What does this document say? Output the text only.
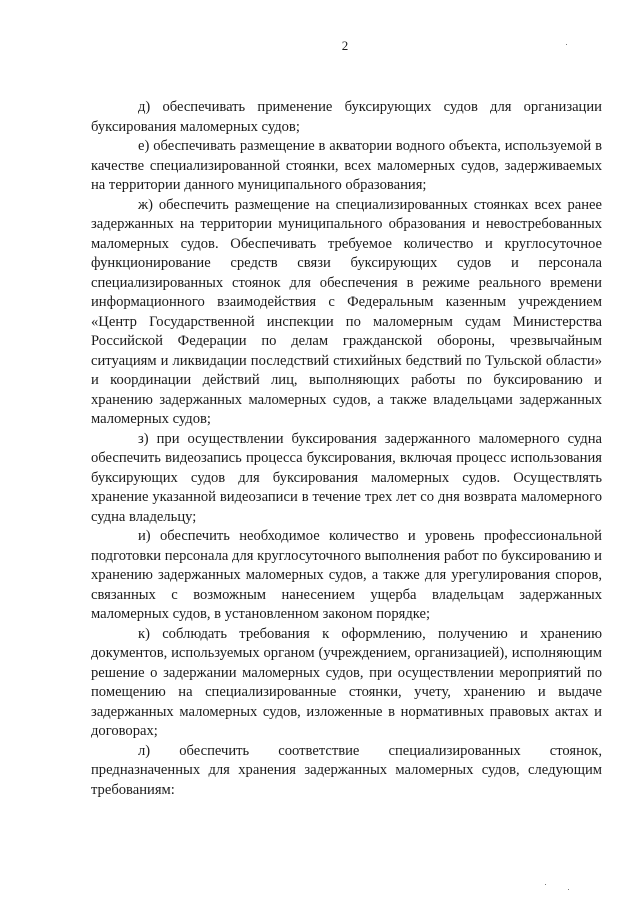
2

д) обеспечивать применение буксирующих судов для организации буксирования маломерных судов;

е) обеспечивать размещение в акватории водного объекта, используемой в качестве специализированной стоянки, всех маломерных судов, задерживаемых на территории данного муниципального образования;

ж) обеспечить размещение на специализированных стоянках всех ранее задержанных на территории муниципального образования и невостребованных маломерных судов. Обеспечивать требуемое количество и круглосуточное функционирование средств связи буксирующих судов и персонала специализированных стоянок для обеспечения в режиме реального времени информационного взаимодействия с Федеральным казенным учреждением «Центр Государственной инспекции по маломерным судам Министерства Российской Федерации по делам гражданской обороны, чрезвычайным ситуациям и ликвидации последствий стихийных бедствий по Тульской области» и координации действий лиц, выполняющих работы по буксированию и хранению задержанных маломерных судов, а также владельцами задержанных маломерных судов;

з) при осуществлении буксирования задержанного маломерного судна обеспечить видеозапись процесса буксирования, включая процесс использования буксирующих судов для буксирования маломерных судов. Осуществлять хранение указанной видеозаписи в течение трех лет со дня возврата маломерного судна владельцу;

и) обеспечить необходимое количество и уровень профессиональной подготовки персонала для круглосуточного выполнения работ по буксированию и хранению задержанных маломерных судов, а также для урегулирования споров, связанных с возможным нанесением ущерба владельцам задержанных маломерных судов, в установленном законом порядке;

к) соблюдать требования к оформлению, получению и хранению документов, используемых органом (учреждением, организацией), исполняющим решение о задержании маломерных судов, при осуществлении мероприятий по помещению на специализированные стоянки, учету, хранению и выдаче задержанных маломерных судов, изложенные в нормативных правовых актах и договорах;

л) обеспечить соответствие специализированных стоянок, предназначенных для хранения задержанных маломерных судов, следующим требованиям:
